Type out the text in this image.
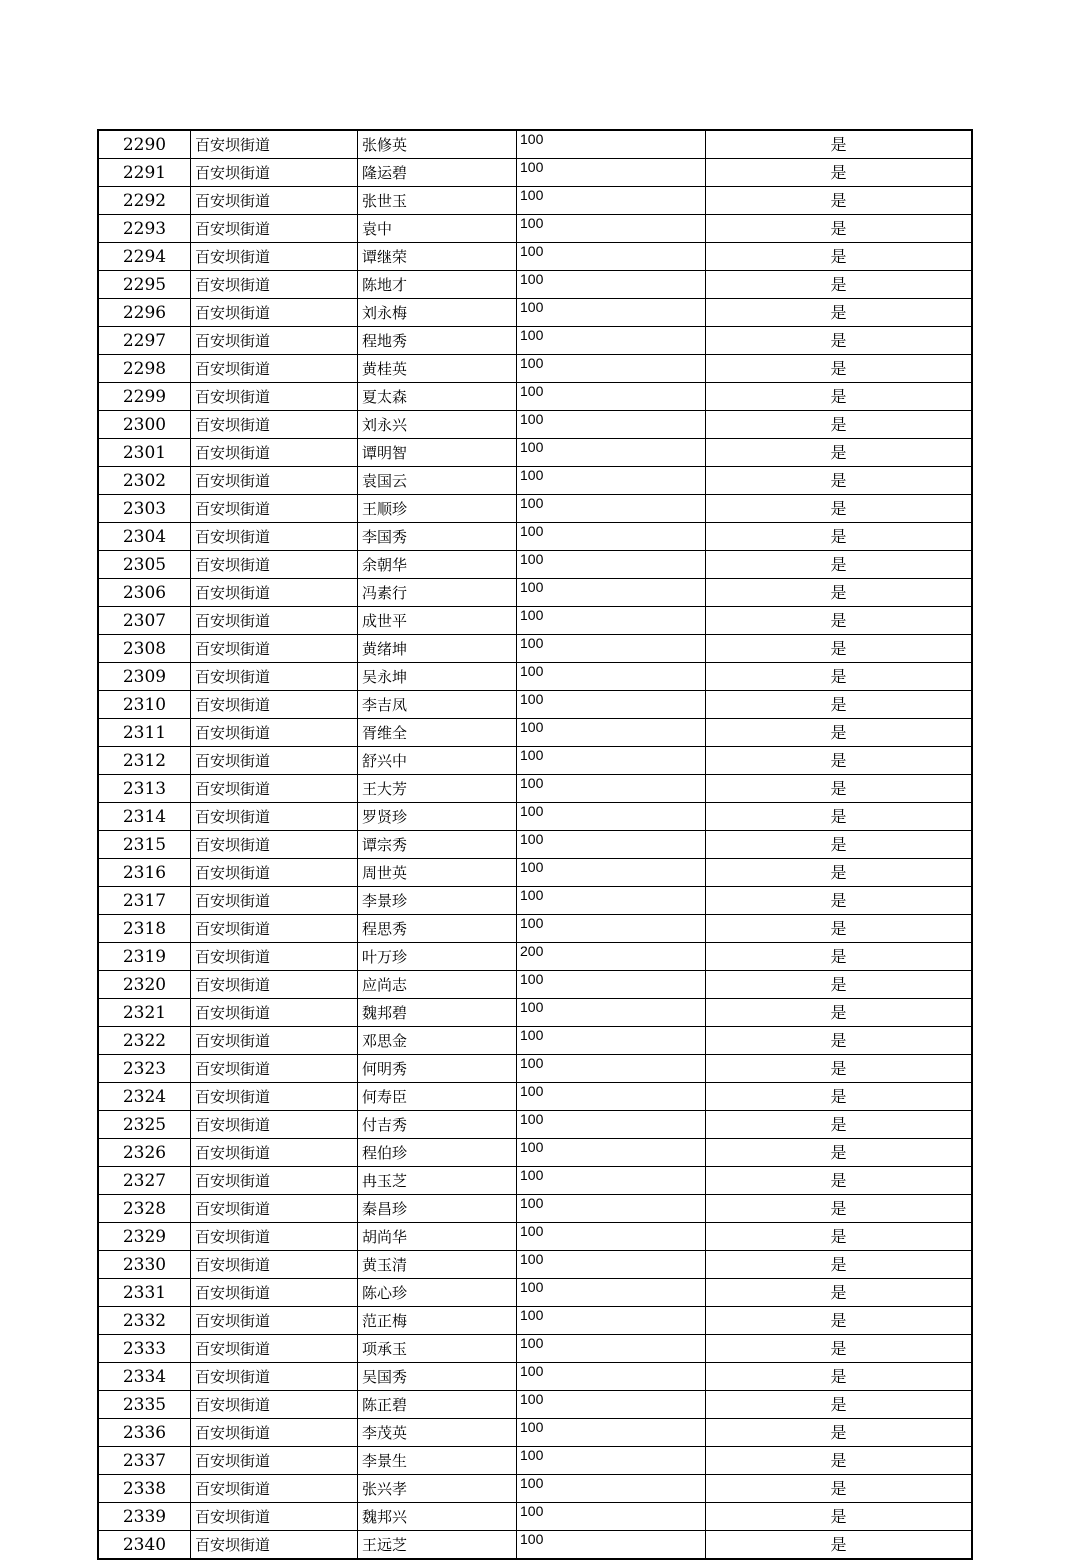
2290	百安坝街道	张修英	100	是
2291	百安坝街道	隆运碧	100	是
2292	百安坝街道	张世玉	100	是
2293	百安坝街道	袁中	100	是
2294	百安坝街道	谭继荣	100	是
2295	百安坝街道	陈地才	100	是
2296	百安坝街道	刘永梅	100	是
2297	百安坝街道	程地秀	100	是
2298	百安坝街道	黄桂英	100	是
2299	百安坝街道	夏太森	100	是
2300	百安坝街道	刘永兴	100	是
2301	百安坝街道	谭明智	100	是
2302	百安坝街道	袁国云	100	是
2303	百安坝街道	王顺珍	100	是
2304	百安坝街道	李国秀	100	是
2305	百安坝街道	余朝华	100	是
2306	百安坝街道	冯素行	100	是
2307	百安坝街道	成世平	100	是
2308	百安坝街道	黄绪坤	100	是
2309	百安坝街道	吴永坤	100	是
2310	百安坝街道	李吉凤	100	是
2311	百安坝街道	胥维全	100	是
2312	百安坝街道	舒兴中	100	是
2313	百安坝街道	王大芳	100	是
2314	百安坝街道	罗贤珍	100	是
2315	百安坝街道	谭宗秀	100	是
2316	百安坝街道	周世英	100	是
2317	百安坝街道	李景珍	100	是
2318	百安坝街道	程思秀	100	是
2319	百安坝街道	叶万珍	200	是
2320	百安坝街道	应尚志	100	是
2321	百安坝街道	魏邦碧	100	是
2322	百安坝街道	邓思金	100	是
2323	百安坝街道	何明秀	100	是
2324	百安坝街道	何寿臣	100	是
2325	百安坝街道	付吉秀	100	是
2326	百安坝街道	程伯珍	100	是
2327	百安坝街道	冉玉芝	100	是
2328	百安坝街道	秦昌珍	100	是
2329	百安坝街道	胡尚华	100	是
2330	百安坝街道	黄玉清	100	是
2331	百安坝街道	陈心珍	100	是
2332	百安坝街道	范正梅	100	是
2333	百安坝街道	项承玉	100	是
2334	百安坝街道	吴国秀	100	是
2335	百安坝街道	陈正碧	100	是
2336	百安坝街道	李茂英	100	是
2337	百安坝街道	李景生	100	是
2338	百安坝街道	张兴孝	100	是
2339	百安坝街道	魏邦兴	100	是
2340	百安坝街道	王远芝	100	是
